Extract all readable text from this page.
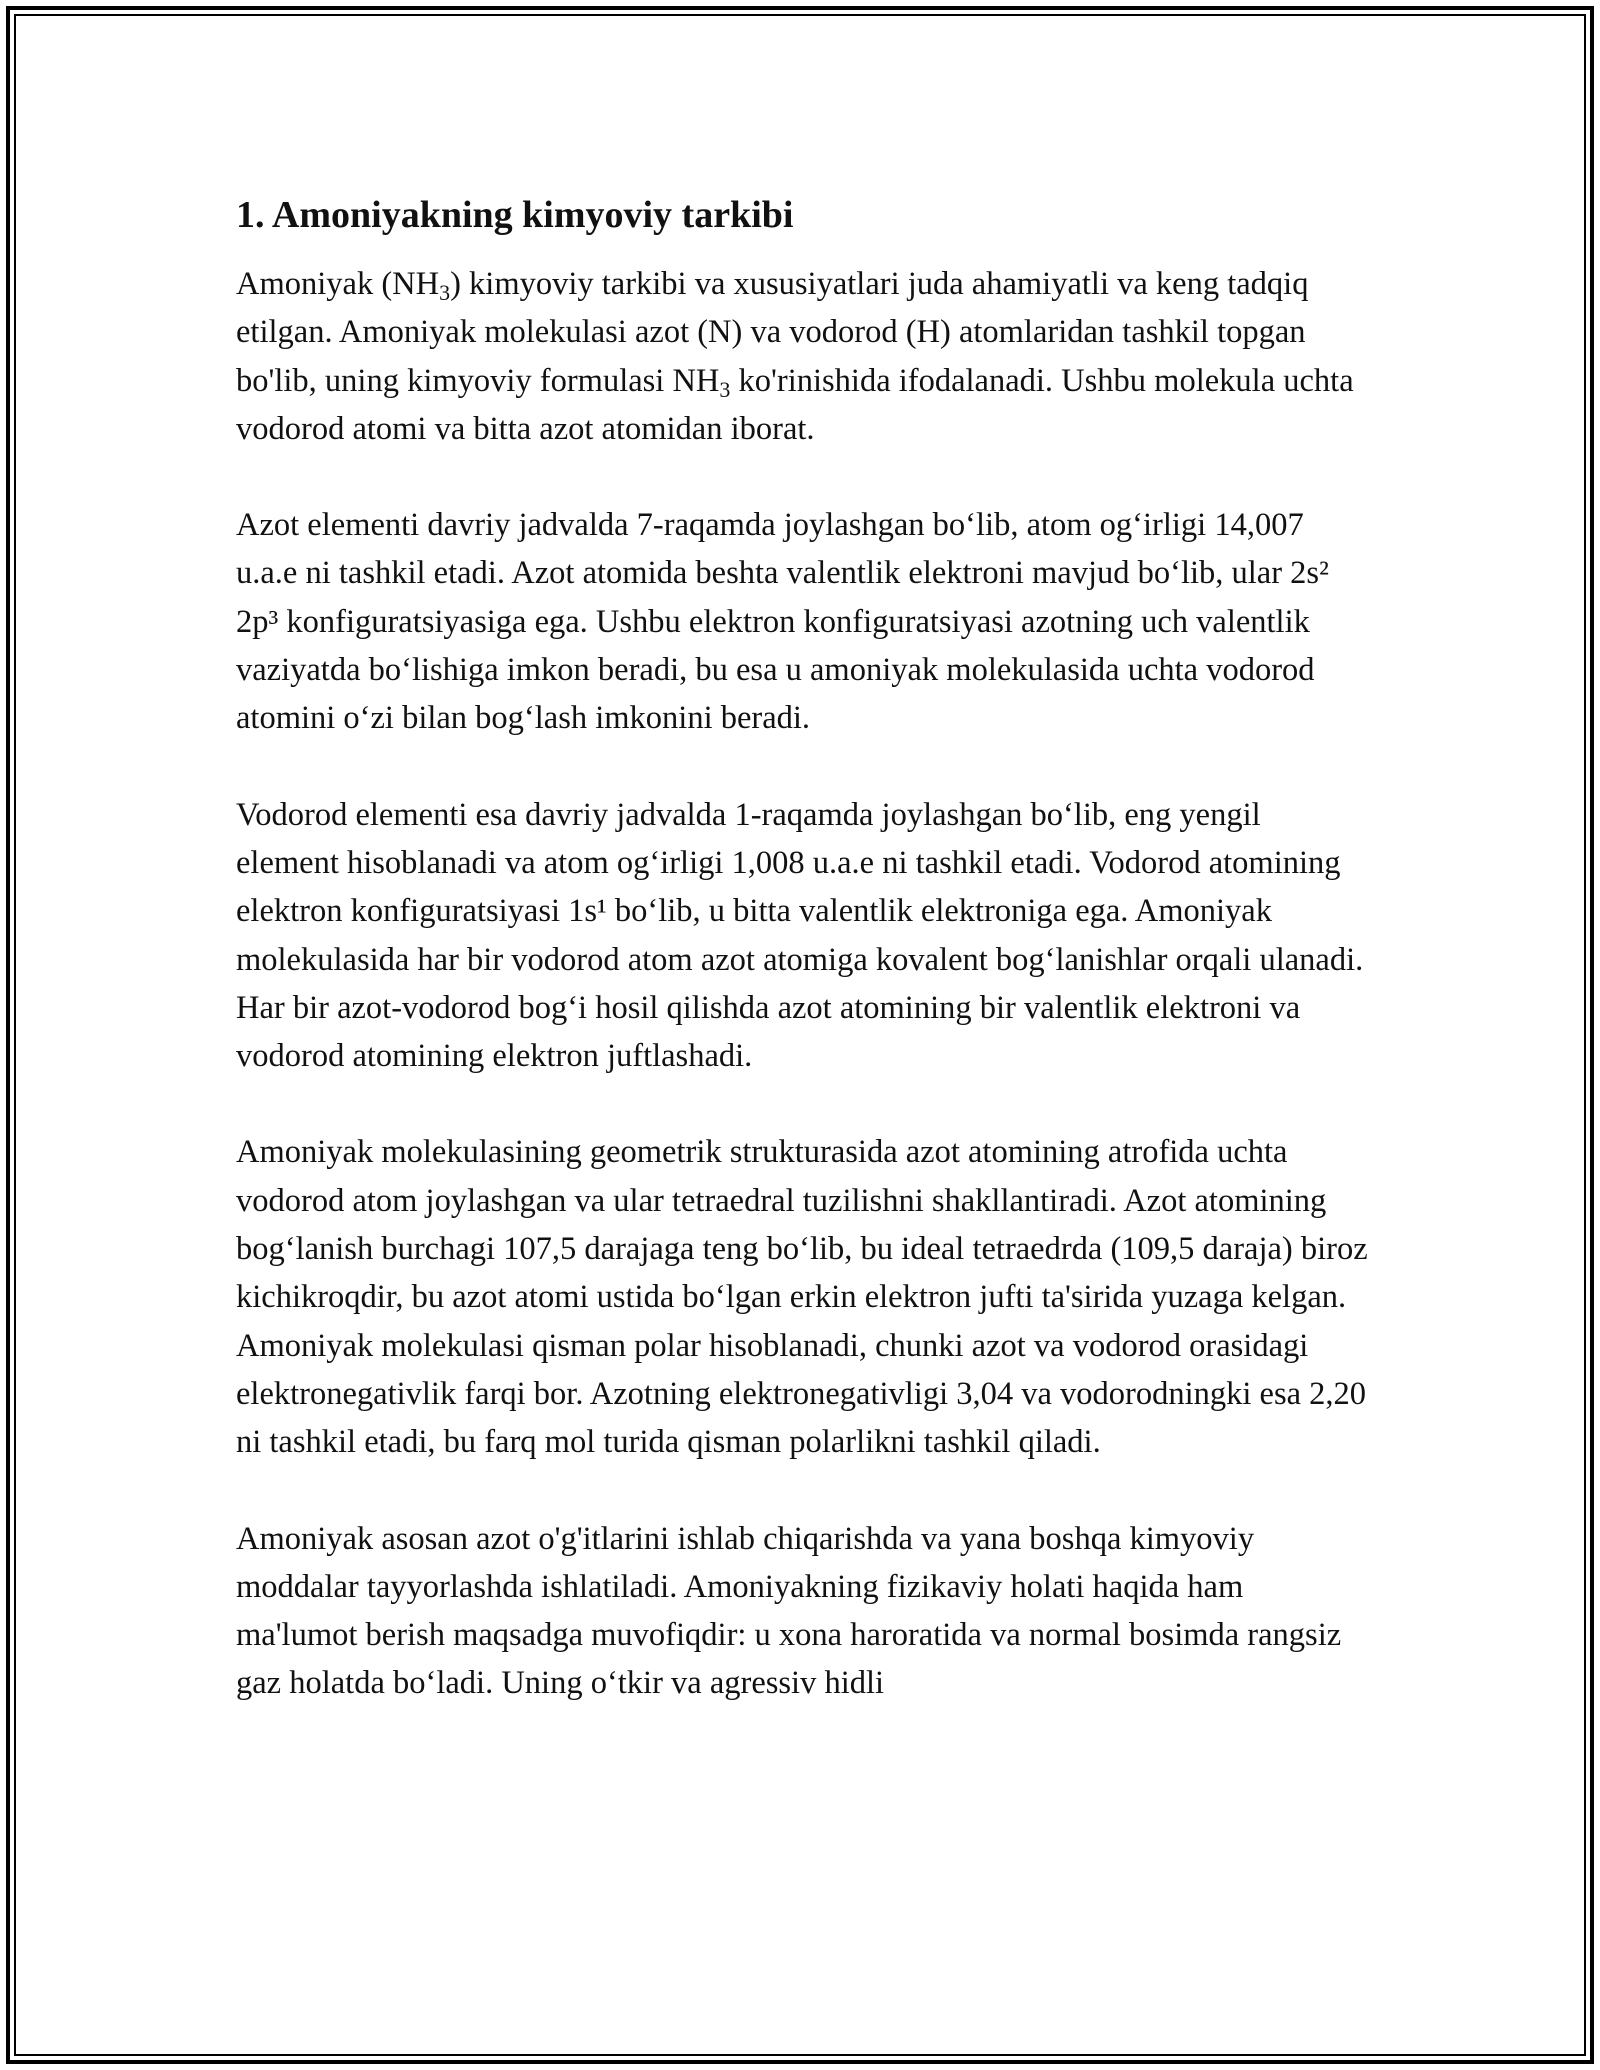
1. Amoniyakning kimyoviy tarkibi

Amoniyak $(NH_3)$ kimyoviy tarkibi va xususiyatlari juda ahamiyatli va keng tadqiq etilgan. Amoniyak molekulasi azot (N) va vodorod (H) atomlaridan tashkil topgan bo'lib, uning kimyoviy formulasi $NH_3$ ko'rinishida ifodalanadi. Ushbu molekula uchta vodorod atomi va bitta azot atomidan iborat.

Azot elementi davriy jadvalda 7-raqamda joylashgan bo‘lib, atom og‘irligi 14,007 u.a.e ni tashkil etadi. Azot atomida beshta valentlik elektroni mavjud bo‘lib, ular 2s² 2p³ konfiguratsiyasiga ega. Ushbu elektron konfiguratsiyasi azotning uch valentlik vaziyatda bo‘lishiga imkon beradi, bu esa u amoniyak molekulasida uchta vodorod atomini o‘zi bilan bog‘lash imkonini beradi.

Vodorod elementi esa davriy jadvalda 1-raqamda joylashgan bo‘lib, eng yengil element hisoblanadi va atom og‘irligi 1,008 u.a.e ni tashkil etadi. Vodorod atomining elektron konfiguratsiyasi 1s¹ bo‘lib, u bitta valentlik elektroniga ega. Amoniyak molekulasida har bir vodorod atom azot atomiga kovalent bog‘lanishlar orqali ulanadi. Har bir azot-vodorod bog‘i hosil qilishda azot atomining bir valentlik elektroni va vodorod atomining elektron juftlashadi.

Amoniyak molekulasining geometrik strukturasida azot atomining atrofida uchta vodorod atom joylashgan va ular tetraedral tuzilishni shakllantiradi. Azot atomining bog‘lanish burchagi 107,5 darajaga teng bo‘lib, bu ideal tetraedrda (109,5 daraja) biroz kichikroqdir, bu azot atomi ustida bo‘lgan erkin elektron jufti ta'sirida yuzaga kelgan. Amoniyak molekulasi qisman polar hisoblanadi, chunki azot va vodorod orasidagi elektronegativlik farqi bor. Azotning elektronegativligi 3,04 va vodorodningki esa 2,20 ni tashkil etadi, bu farq mol turida qisman polarlikni tashkil qiladi.

Amoniyak asosan azot o'g'itlarini ishlab chiqarishda va yana boshqa kimyoviy moddalar tayyorlashda ishlatiladi. Amoniyakning fizikaviy holati haqida ham ma'lumot berish maqsadga muvofiqdir: u xona haroratida va normal bosimda rangsiz gaz holatda bo‘ladi. Uning o‘tkir va agressiv hidli
